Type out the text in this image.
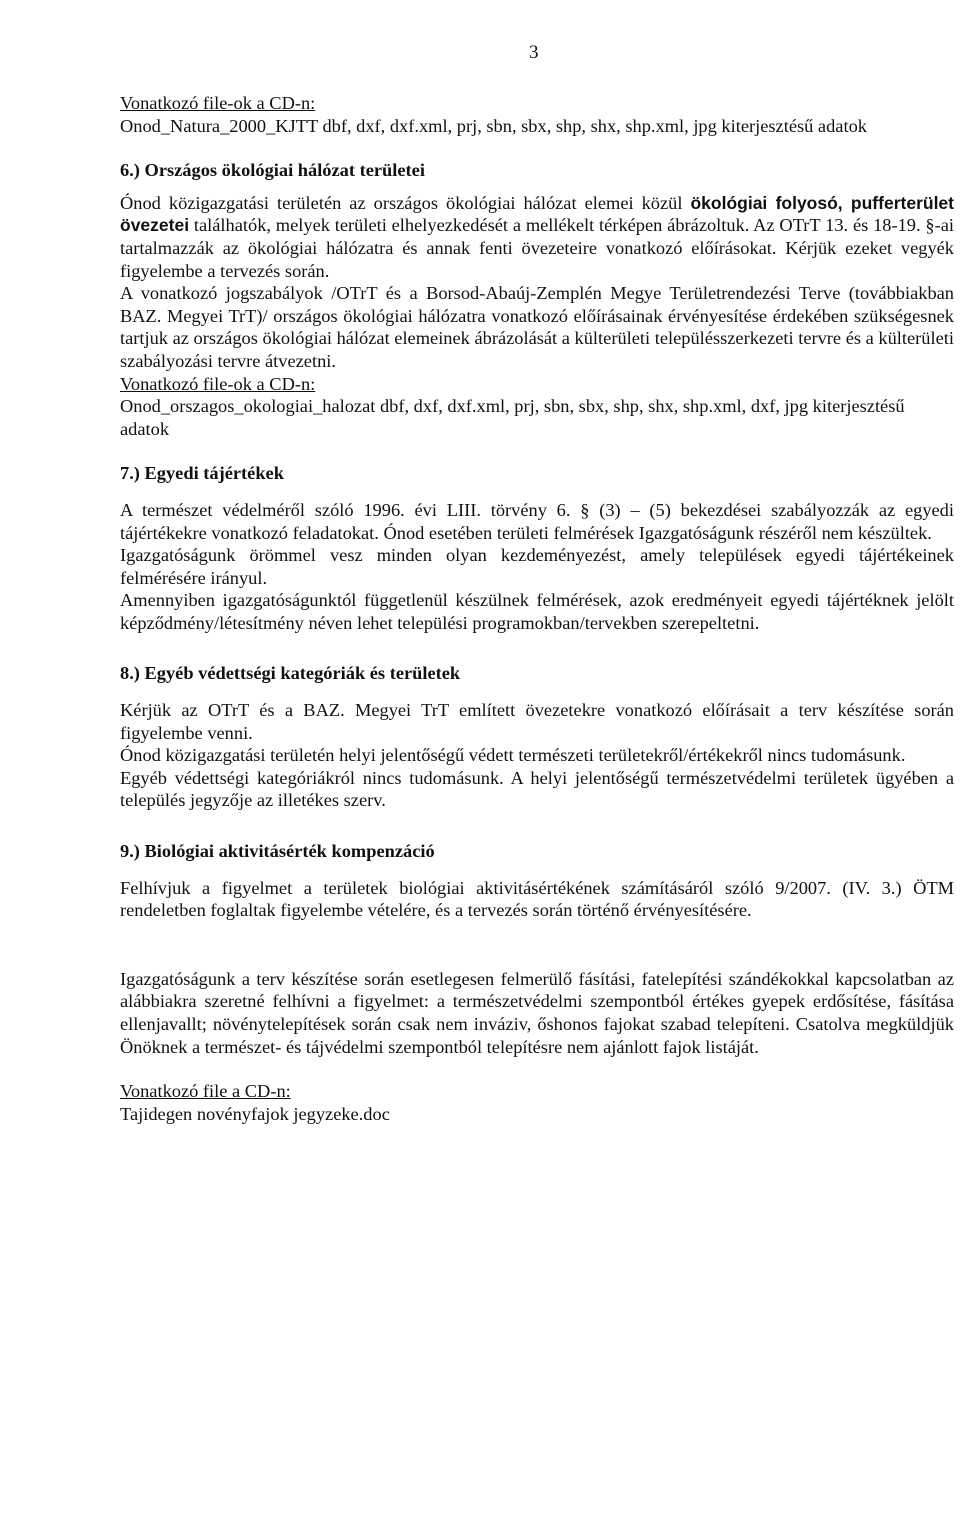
3

Vonatkozó file-ok a CD-n:

Onod_Natura_2000_KJTT dbf, dxf, dxf.xml, prj, sbn, sbx, shp, shx, shp.xml, jpg kiterjesztésű adatok

6.) Országos ökológiai hálózat területei

Ónod közigazgatási területén az országos ökológiai hálózat elemei közül ökológiai folyosó, pufferterület övezetei találhatók, melyek területi elhelyezkedését a mellékelt térképen ábrázoltuk. Az OTrT 13. és 18-19. §-ai tartalmazzák az ökológiai hálózatra és annak fenti övezeteire vonatkozó előírásokat. Kérjük ezeket vegyék figyelembe a tervezés során.

A vonatkozó jogszabályok /OTrT és a Borsod-Abaúj-Zemplén Megye Területrendezési Terve (továbbiakban BAZ. Megyei TrT)/ országos ökológiai hálózatra vonatkozó előírásainak érvényesítése érdekében szükségesnek tartjuk az országos ökológiai hálózat elemeinek ábrázolását a külterületi településszerkezeti tervre és a külterületi szabályozási tervre átvezetni.

Vonatkozó file-ok a CD-n:

Onod_orszagos_okologiai_halozat dbf, dxf, dxf.xml, prj, sbn, sbx, shp, shx, shp.xml, dxf, jpg kiterjesztésű adatok

7.) Egyedi tájértékek

A természet védelméről szóló 1996. évi LIII. törvény 6. § (3) – (5) bekezdései szabályozzák az egyedi tájértékekre vonatkozó feladatokat. Ónod esetében területi felmérések Igazgatóságunk részéről nem készültek.

Igazgatóságunk örömmel vesz minden olyan kezdeményezést, amely települések egyedi tájértékeinek felmérésére irányul.

Amennyiben igazgatóságunktól függetlenül készülnek felmérések, azok eredményeit egyedi tájértéknek jelölt képződmény/létesítmény néven lehet települési programokban/tervekben szerepeltetni.

8.) Egyéb védettségi kategóriák és területek

Kérjük az OTrT és a BAZ. Megyei TrT említett övezetekre vonatkozó előírásait a terv készítése során figyelembe venni.

Ónod közigazgatási területén helyi jelentőségű védett természeti területekről/értékekről nincs tudomásunk.

Egyéb védettségi kategóriákról nincs tudomásunk. A helyi jelentőségű természetvédelmi területek ügyében a település jegyzője az illetékes szerv.

9.) Biológiai aktivitásérték kompenzáció

Felhívjuk a figyelmet a területek biológiai aktivitásértékének számításáról szóló 9/2007. (IV. 3.) ÖTM rendeletben foglaltak figyelembe vételére, és a tervezés során történő érvényesítésére.

Igazgatóságunk a terv készítése során esetlegesen felmerülő fásítási, fatelepítési szándékokkal kapcsolatban az alábbiakra szeretné felhívni a figyelmet: a természetvédelmi szempontból értékes gyepek erdősítése, fásítása ellenjavallt; növénytelepítések során csak nem inváziv, őshonos fajokat szabad telepíteni. Csatolva megküldjük Önöknek a természet- és tájvédelmi szempontból telepítésre nem ajánlott fajok listáját.

Vonatkozó file a CD-n:

Tajidegen novényfajok jegyzeke.doc
